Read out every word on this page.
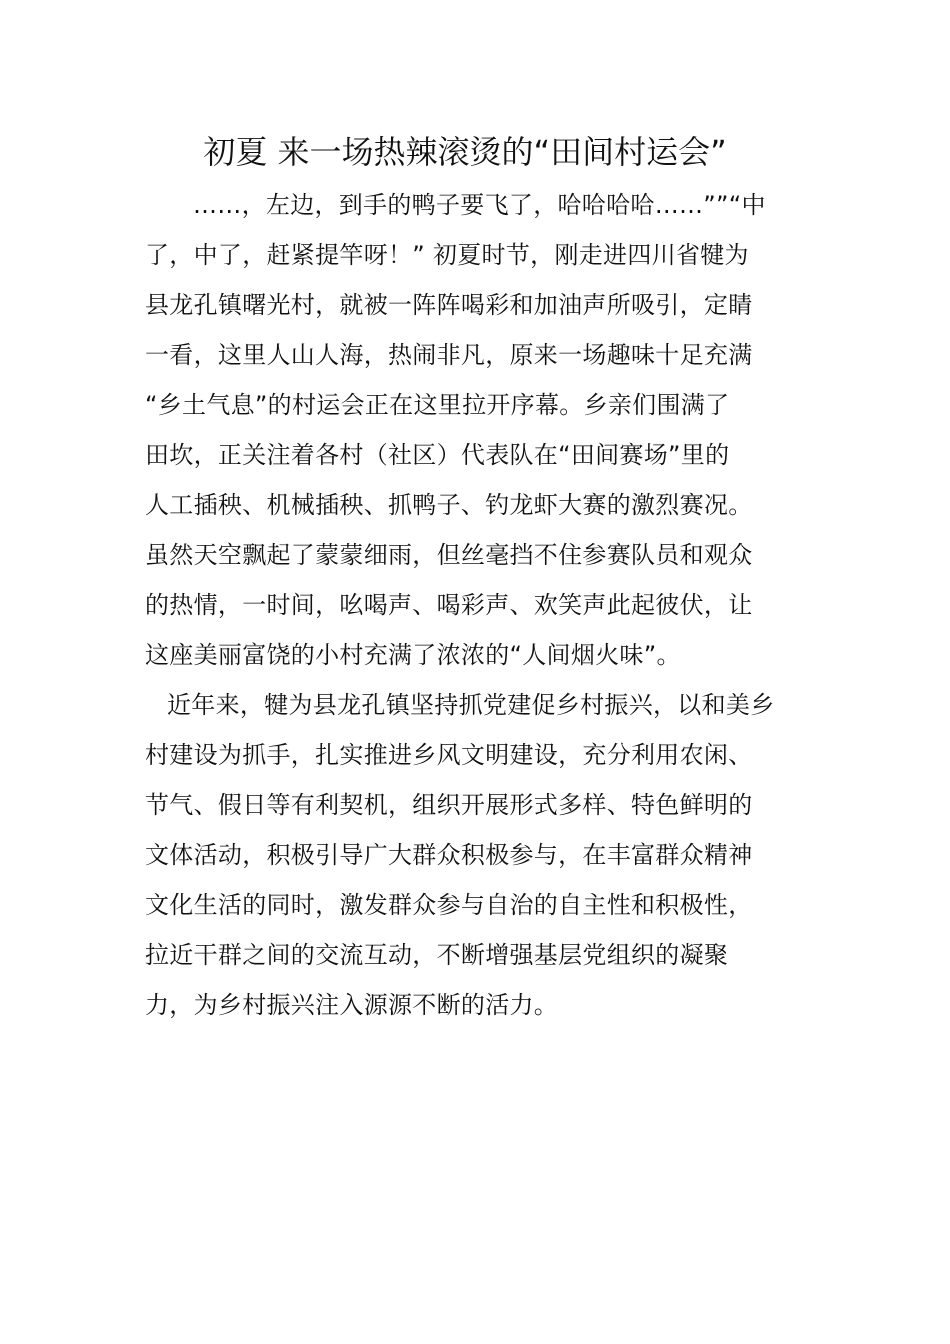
初夏 来一场热辣滚烫的“田间村运会”
……，左边，到手的鸭子要飞了，哈哈哈哈……””“中
了，中了，赶紧提竿呀！” 初夏时节，刚走进四川省犍为
县龙孔镇曙光村，就被一阵阵喝彩和加油声所吸引，定睛
一看，这里人山人海，热闹非凡，原来一场趣味十足充满
“乡土气息”的村运会正在这里拉开序幕。乡亲们围满了
田坎，正关注着各村（社区）代表队在“田间赛场”里的
人工插秧、机械插秧、抓鸭子、钓龙虾大赛的激烈赛况。
虽然天空飘起了蒙蒙细雨，但丝毫挡不住参赛队员和观众
的热情，一时间，吆喝声、喝彩声、欢笑声此起彼伏，让
这座美丽富饶的小村充满了浓浓的“人间烟火味”。
近年来，犍为县龙孔镇坚持抓党建促乡村振兴，以和美乡
村建设为抓手，扎实推进乡风文明建设，充分利用农闲、
节气、假日等有利契机，组织开展形式多样、特色鲜明的
文体活动，积极引导广大群众积极参与，在丰富群众精神
文化生活的同时，激发群众参与自治的自主性和积极性，
拉近干群之间的交流互动，不断增强基层党组织的凝聚
力，为乡村振兴注入源源不断的活力。
